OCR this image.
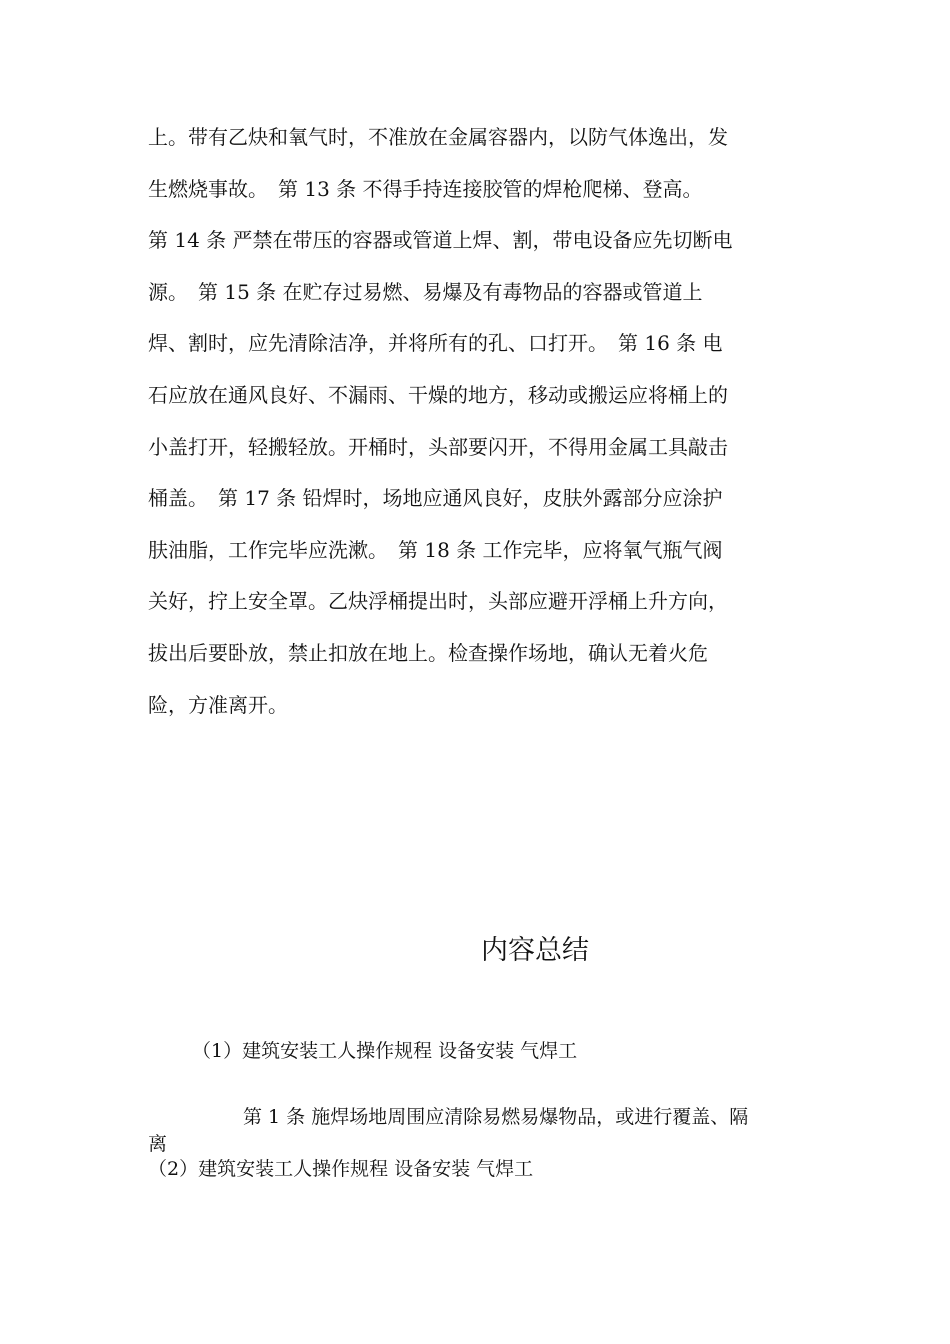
上。带有乙炔和氧气时，不准放在金属容器内，以防气体逸出，发
生燃烧事故。　第 13 条 不得手持连接胶管的焊枪爬梯、登高。
第 14 条 严禁在带压的容器或管道上焊、割，带电设备应先切断电
源。　第 15 条 在贮存过易燃、易爆及有毒物品的容器或管道上
焊、割时，应先清除洁净，并将所有的孔、口打开。　第 16 条 电
石应放在通风良好、不漏雨、干燥的地方，移动或搬运应将桶上的
小盖打开，轻搬轻放。开桶时，头部要闪开，不得用金属工具敲击
桶盖。　第 17 条 铅焊时，场地应通风良好，皮肤外露部分应涂护
肤油脂，工作完毕应洗漱。　第 18 条 工作完毕，应将氧气瓶气阀
关好，拧上安全罩。乙炔浮桶提出时，头部应避开浮桶上升方向，
拔出后要卧放，禁止扣放在地上。检查操作场地，确认无着火危
险，方准离开。
内容总结

（1）建筑安装工人操作规程 设备安装 气焊工

　　　　　第 1 条 施焊场地周围应清除易燃易爆物品，或进行覆盖、隔
离

（2）建筑安装工人操作规程 设备安装 气焊工
